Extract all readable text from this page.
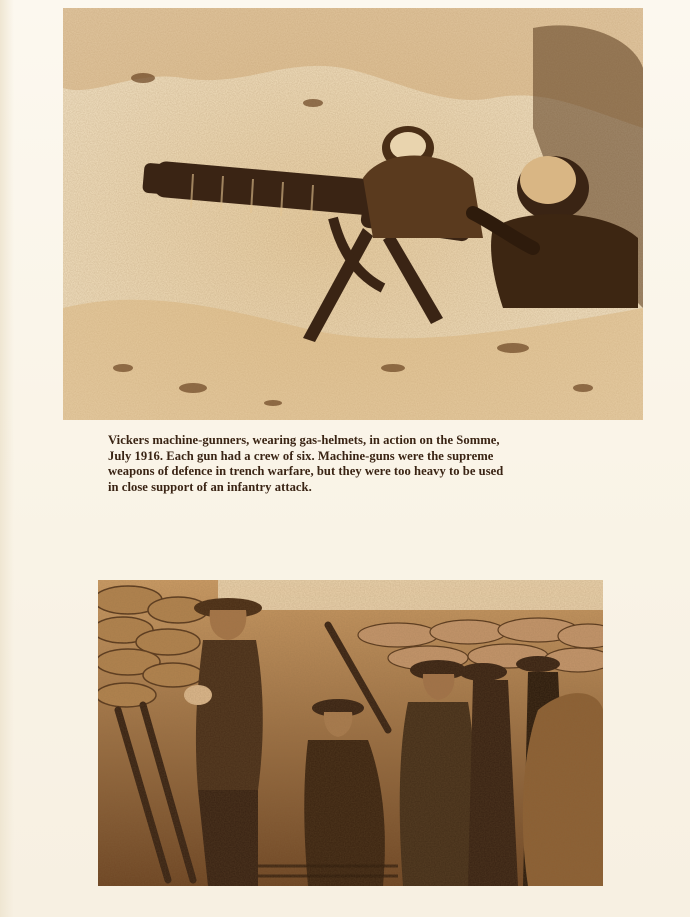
Vickers machine-gunners, wearing gas-helmets, in action on the Somme,
July 1916. Each gun had a crew of six. Machine-guns were the supreme
weapons of defence in trench warfare, but they were too heavy to be used
in close support of an infantry attack.
